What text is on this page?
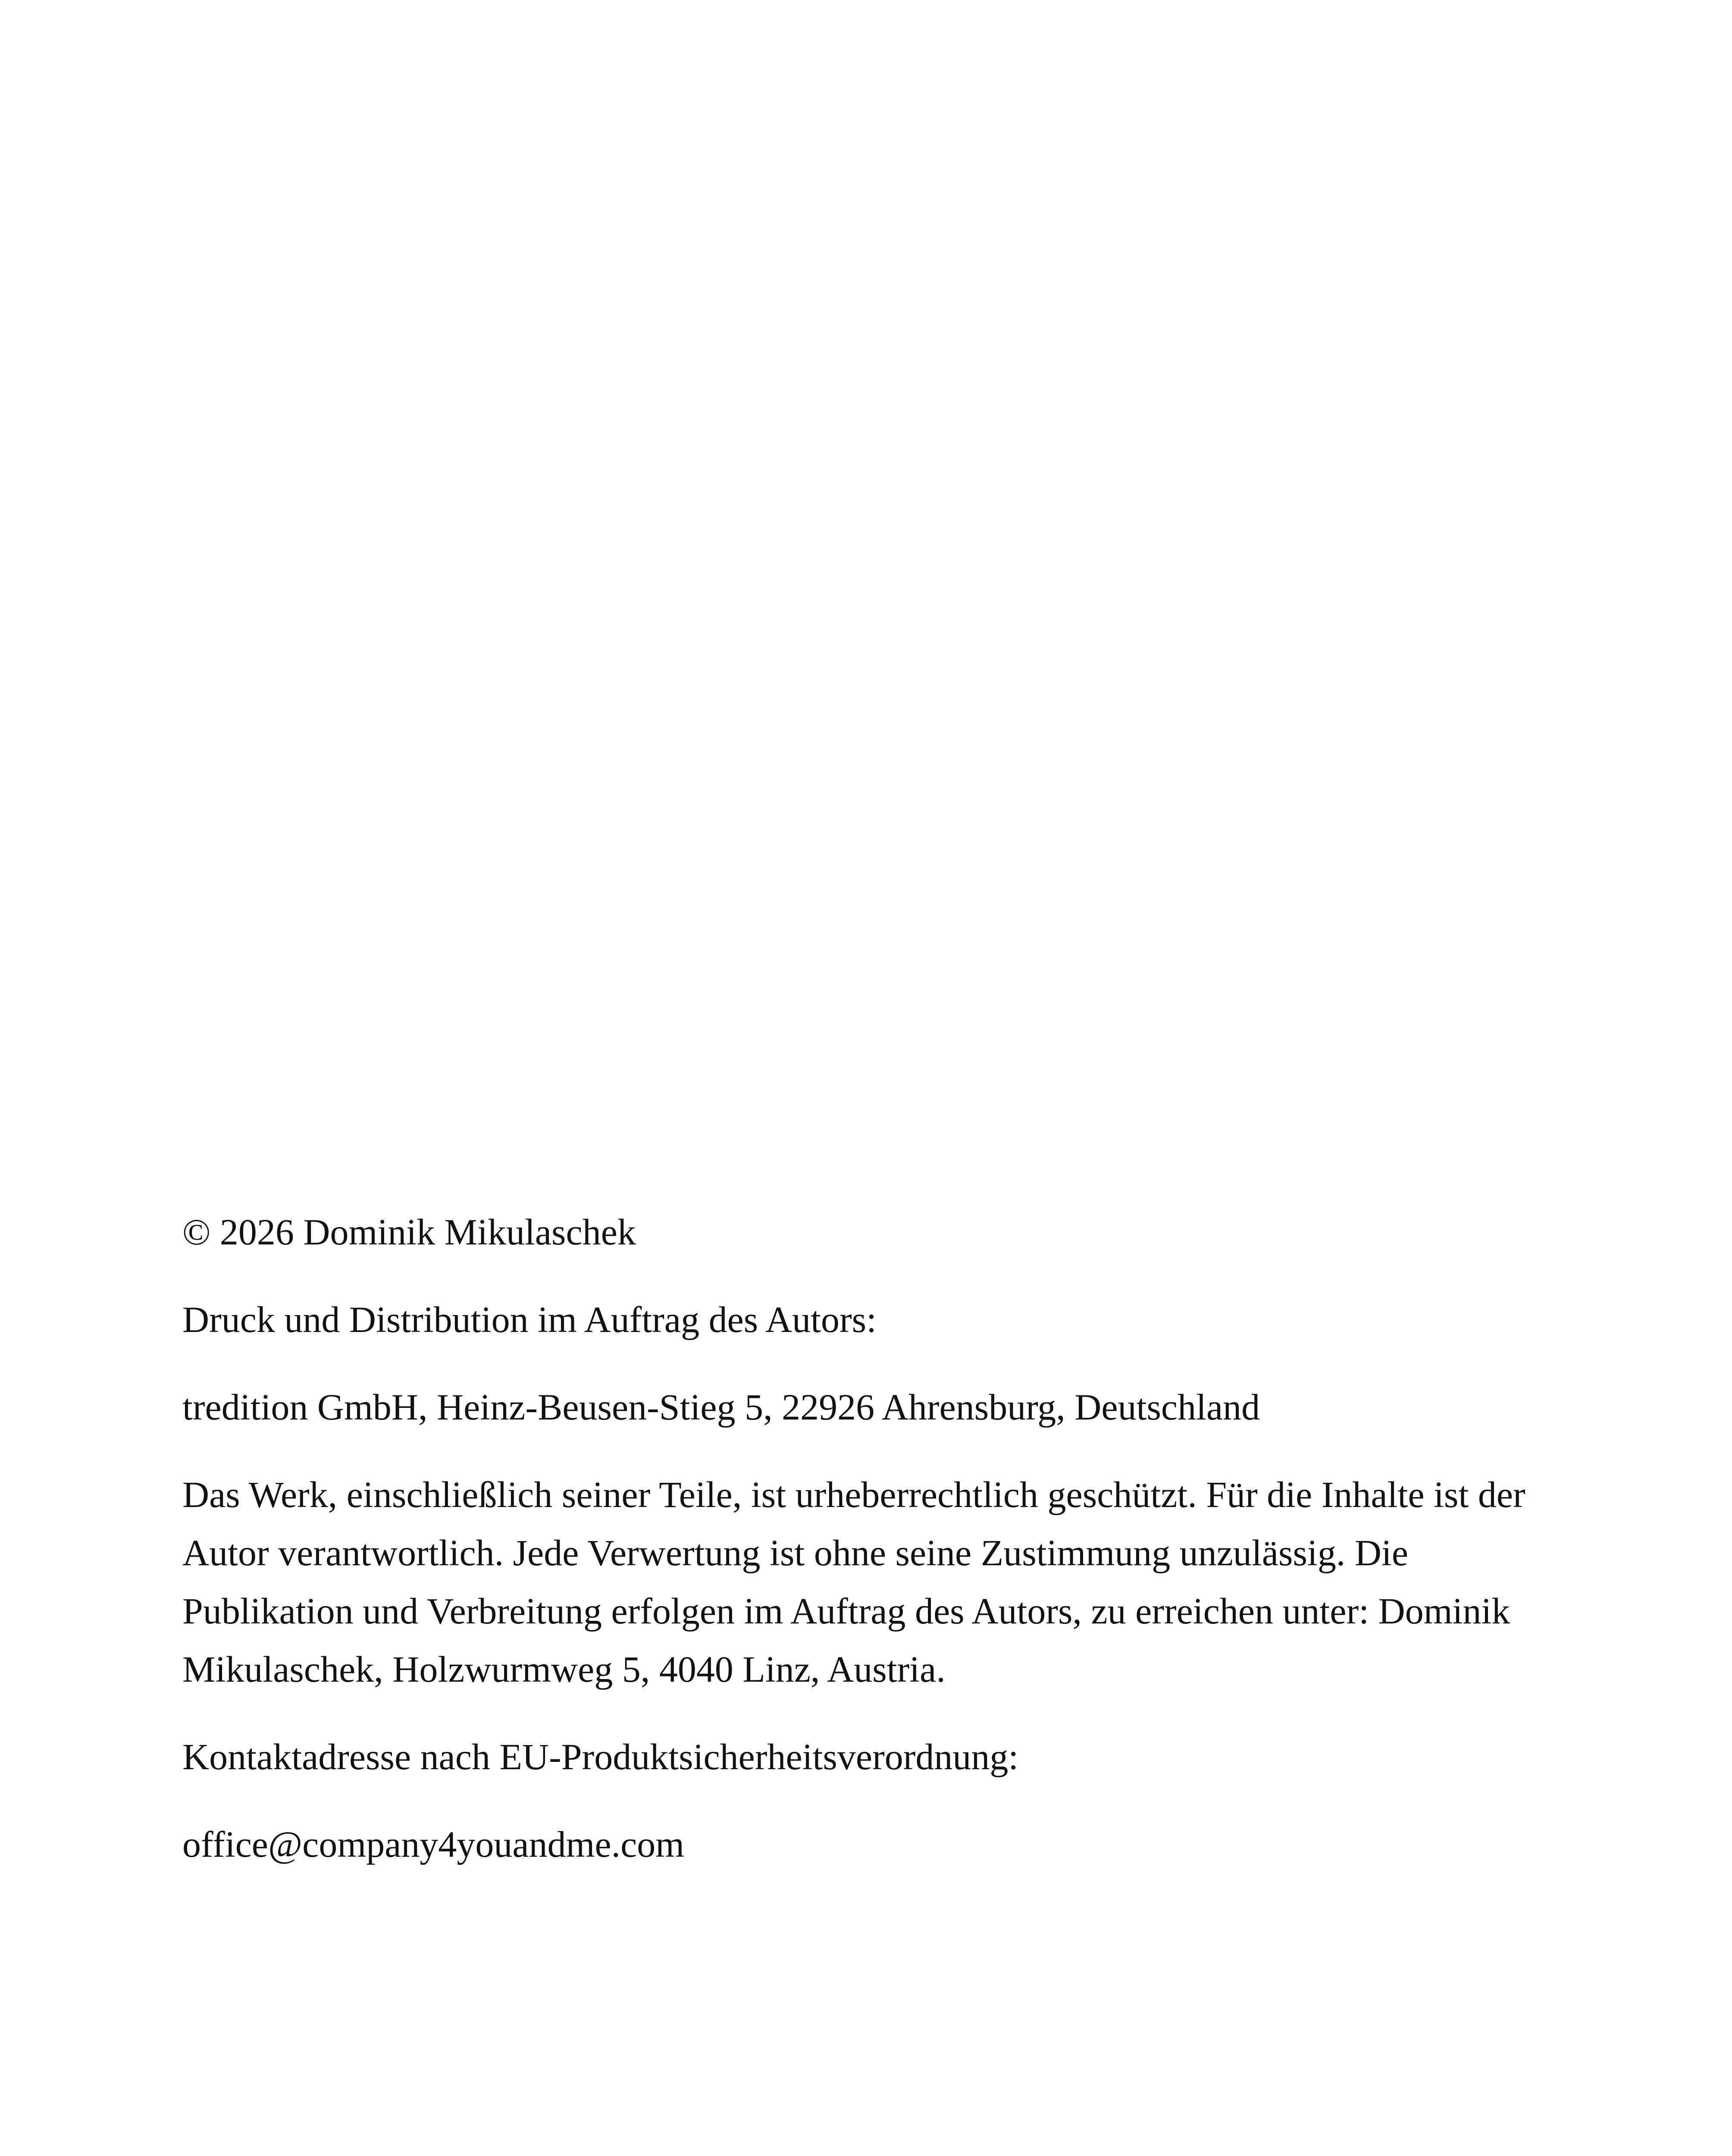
© 2026 Dominik Mikulaschek

Druck und Distribution im Auftrag des Autors:

tredition GmbH, Heinz-Beusen-Stieg 5, 22926 Ahrensburg, Deutschland

Das Werk, einschließlich seiner Teile, ist urheberrechtlich geschützt. Für die Inhalte ist der Autor verantwortlich. Jede Verwertung ist ohne seine Zustimmung unzulässig. Die Publikation und Verbreitung erfolgen im Auftrag des Autors, zu erreichen unter: Dominik Mikulaschek, Holzwurmweg 5, 4040 Linz, Austria.

Kontaktadresse nach EU-Produktsicherheitsverordnung:

office@company4youandme.com
